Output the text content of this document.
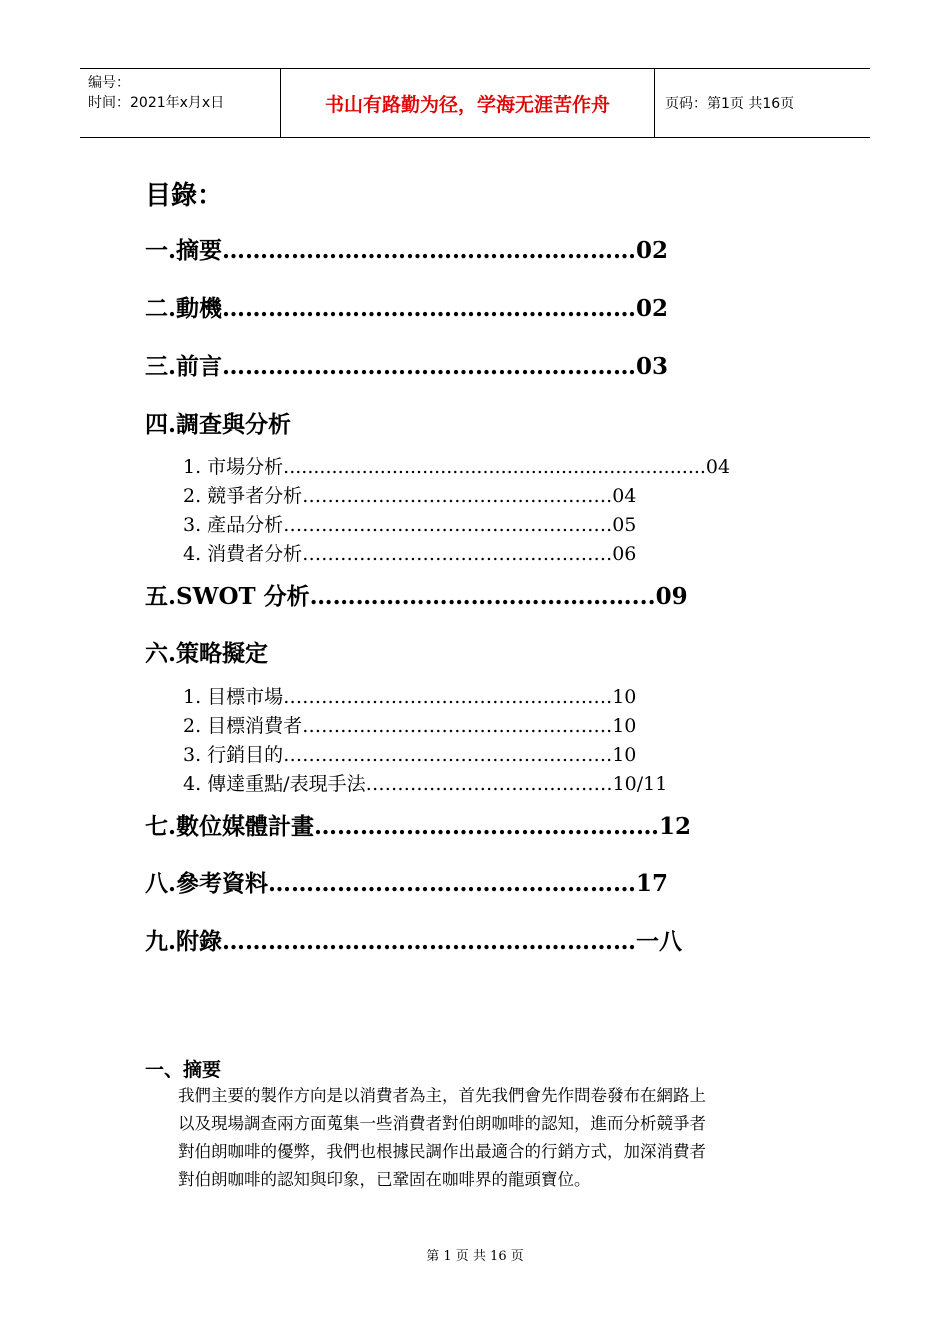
编号：
时间：2021年x月x日	书山有路勤为径，学海无涯苦作舟	页码：第1页 共16页
目錄：
一.摘要………………………………………………02
二.動機………………………………………………02
三.前言………………………………………………03
四.調查與分析
1. 市場分析......................................................................04
2. 競爭者分析………………………………………….04
3. 產品分析…………………………………………….05
4. 消費者分析………………………………………….06
五.SWOT 分析……………………………………...09
六.策略擬定
1. 目標市場…………………………………………….10
2. 目標消費者………………………………………….10
3. 行銷目的…………………………………………….10
4. 傳達重點/表現手法…………………………………10/11
七.數位媒體計畫………………………………………12
八.參考資料…………………………………………17
九.附錄………………………………………………一八
一、摘要

我們主要的製作方向是以消費者為主，首先我們會先作問卷發布在網路上

以及現場調查兩方面蒐集一些消費者對伯朗咖啡的認知，進而分析競爭者

對伯朗咖啡的優弊，我們也根據民調作出最適合的行銷方式，加深消費者

對伯朗咖啡的認知與印象，已鞏固在咖啡界的龍頭寶位。

第 1 页 共 16 页
